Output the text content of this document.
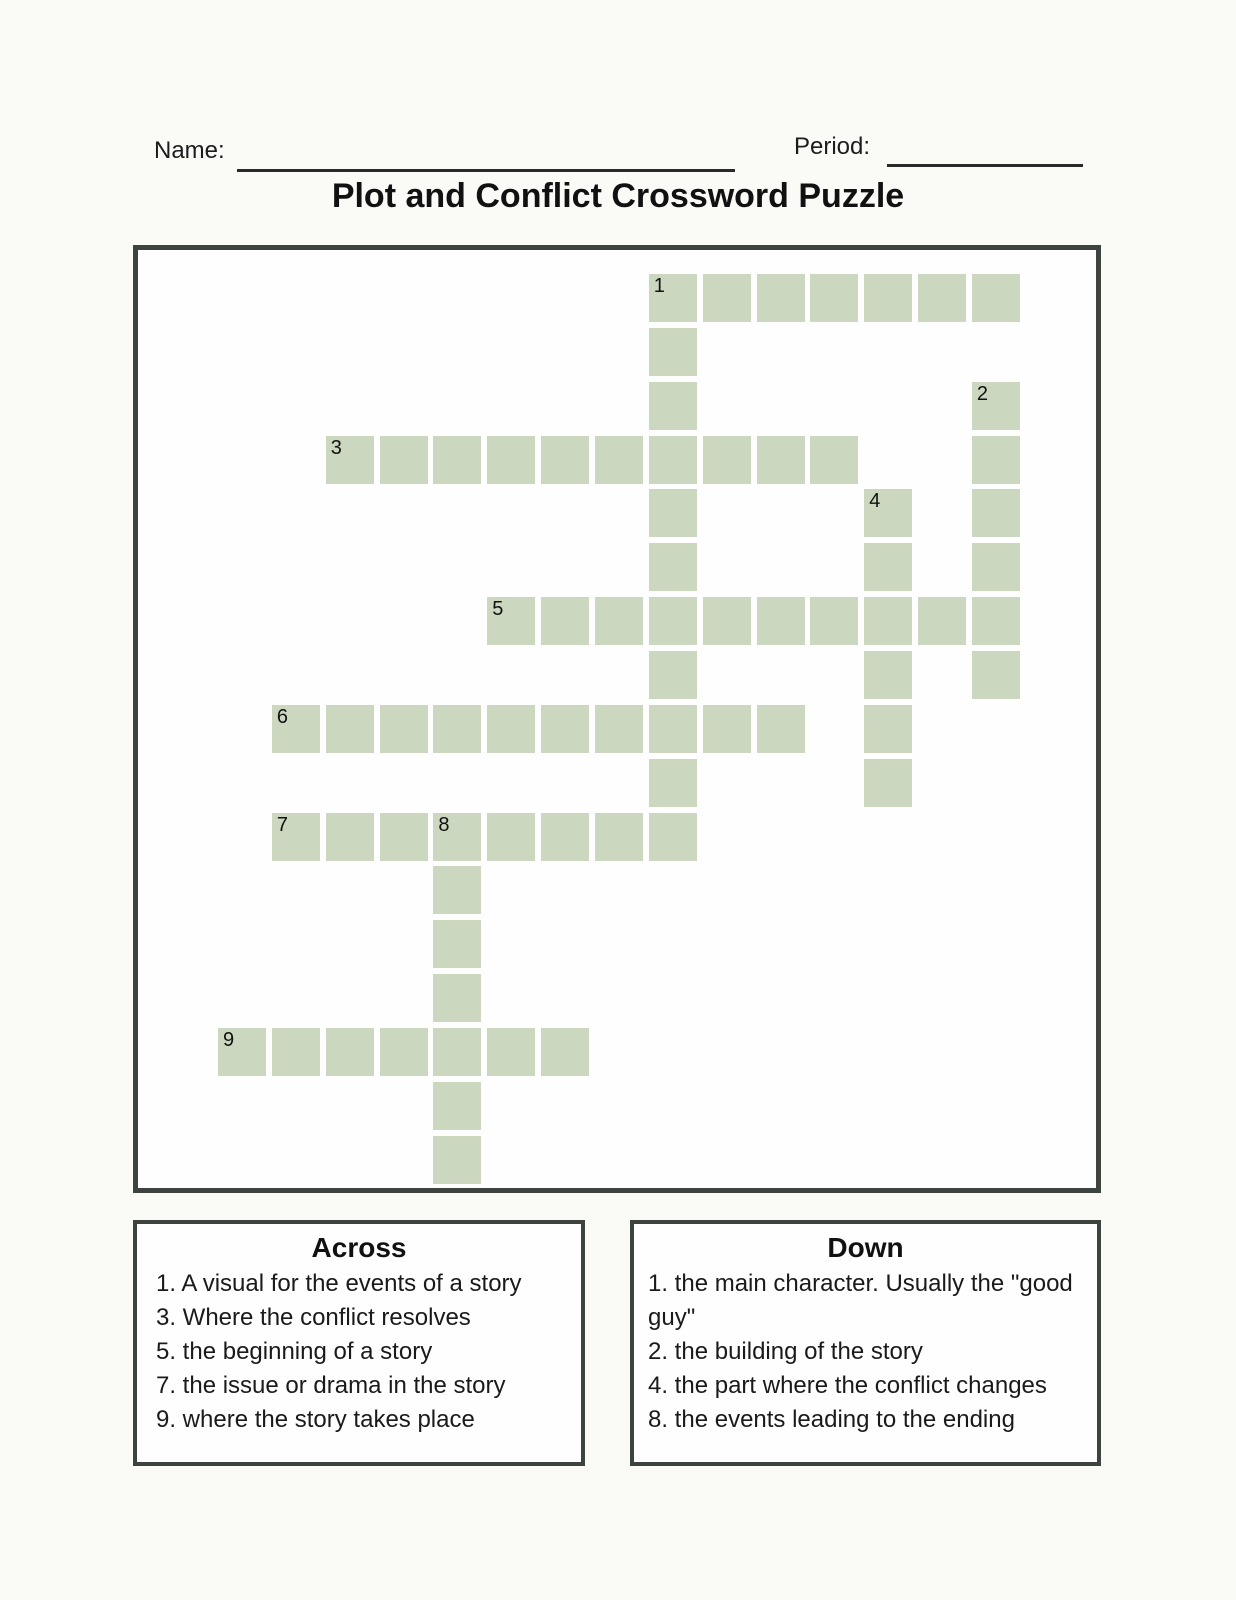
Name:	Period:
Plot and Conflict Crossword Puzzle
1
2
3
4
5
6
7	8
9
Across
1. A visual for the events of a story
3. Where the conflict resolves
5. the beginning of a story
7. the issue or drama in the story
9. where the story takes place
Down
1. the main character. Usually the "good guy"
2. the building of the story
4. the part where the conflict changes
8. the events leading to the ending
